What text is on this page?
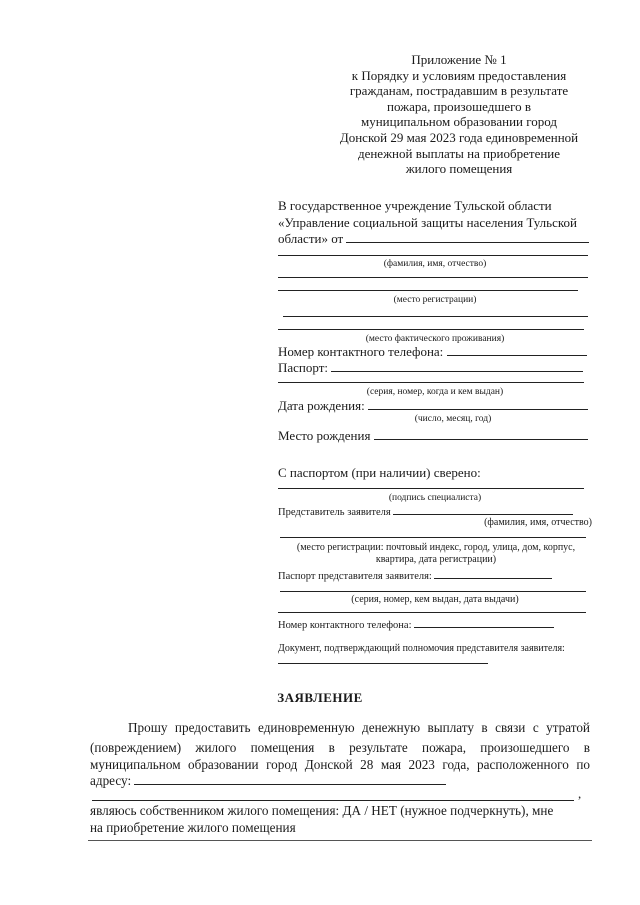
Приложение № 1
к Порядку и условиям предоставления
гражданам, пострадавшим в результате
пожара, произошедшего в
муниципальном образовании город
Донской 29 мая 2023 года единовременной
денежной выплаты на приобретение
жилого помещения
В государственное учреждение Тульской области
«Управление социальной защиты населения Тульской
области» от
(фамилия, имя, отчество)
(место регистрации)
(место фактического проживания)
Номер контактного телефона:
Паспорт:
(серия, номер, когда и кем выдан)
Дата рождения:
(число, месяц, год)
Место рождения
С паспортом (при наличии) сверено:
(подпись специалиста)
Представитель заявителя
(фамилия, имя, отчество)
(место регистрации: почтовый индекс, город, улица, дом, корпус,
квартира, дата регистрации)
Паспорт представителя заявителя:
(серия, номер, кем выдан, дата выдачи)
Номер контактного телефона:
Документ, подтверждающий полномочия представителя заявителя:
ЗАЯВЛЕНИЕ
Прошу предоставить единовременную денежную выплату в связи с утратой
(повреждением) жилого помещения в результате пожара, произошедшего в
муниципальном образовании город Донской 28 мая 2023 года, расположенного по
адресу:
,
являюсь собственником жилого помещения: ДА / НЕТ (нужное подчеркнуть), мне
на приобретение жилого помещения
